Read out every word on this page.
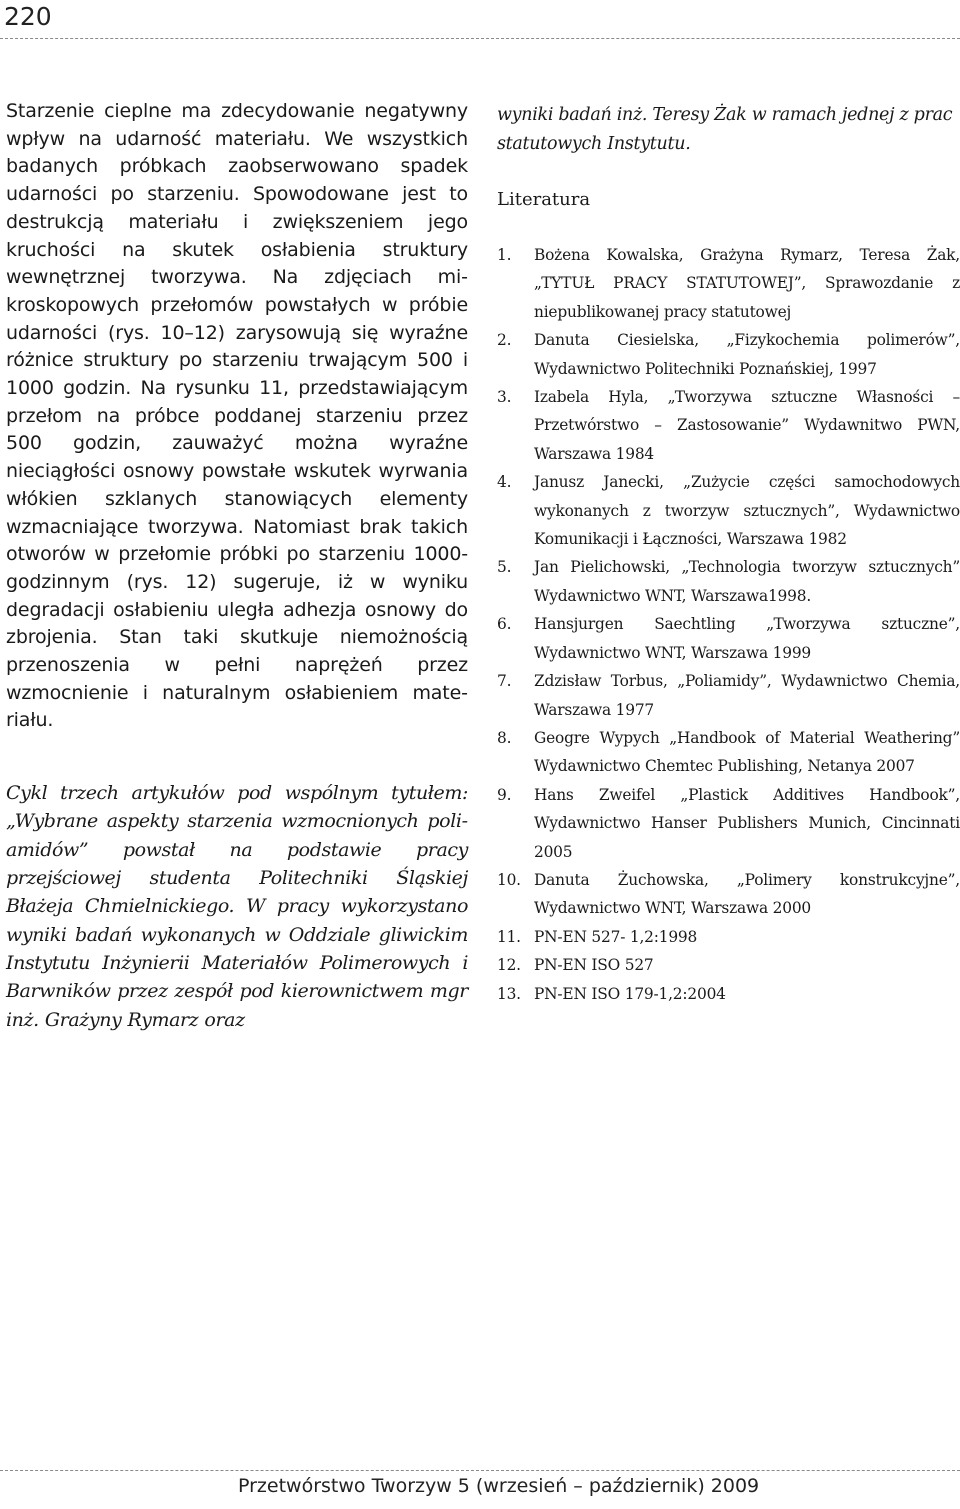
220

Starzenie cieplne ma zdecydowanie negatywny wpływ na udarność materiału. We wszystkich badanych próbkach zaobserwowano spadek udarności po starzeniu. Spowodowane jest to destrukcją materiału i zwiększeniem jego kruchości na skutek osłabienia struktury wewnętrznej tworzywa. Na zdjęciach mikroskopowych przełomów powstałych w próbie udarności (rys. 10–12) zarysowują się wyraźne różnice struktury po starzeniu trwającym 500 i 1000 godzin. Na rysunku 11, przedstawiającym przełom na próbce poddanej starzeniu przez 500 godzin, zauważyć można wyraźne nieciągłości osnowy powstałe wskutek wyrwania włókien szklanych stanowiących elementy wzmacniające tworzywa. Natomiast brak takich otworów w przełomie próbki po starzeniu 1000-godzinnym (rys. 12) sugeruje, iż w wyniku degradacji osłabieniu uległa adhezja osnowy do zbrojenia. Stan taki skutkuje niemożnością przenoszenia w pełni naprężeń przez wzmocnienie i naturalnym osłabieniem materiału.

Cykl trzech artykułów pod wspólnym tytułem: „Wybrane aspekty starzenia wzmocnionych poliamidów” powstał na podstawie pracy przejściowej studenta Politechniki Śląskiej Błażeja Chmielnickiego. W pracy wykorzystano wyniki badań wykonanych w Oddziale gliwickim Instytutu Inżynierii Materiałów Polimerowych i Barwników przez zespół pod kierownictwem mgr inż. Grażyny Rymarz oraz

wyniki badań inż. Teresy Żak w ramach jednej z prac

statutowych Instytutu.

Literatura
1.	Bożena Kowalska, Grażyna Rymarz, Teresa Żak, „TYTUŁ PRACY STATUTOWEJ”, Sprawozdanie z niepublikowanej pracy statutowej
2.	Danuta Ciesielska, „Fizykochemia polimerów”, Wydawnictwo Politechniki Poznańskiej, 1997
3.	Izabela Hyla, „Tworzywa sztuczne Własności – Przetwórstwo – Zastosowanie” Wydawnitwo PWN, Warszawa 1984
4.	Janusz Janecki, „Zużycie części samochodowych wykonanych z tworzyw sztucznych”, Wydawnictwo Komunikacji i Łączności, Warszawa 1982
5.	Jan Pielichowski, „Technologia tworzyw sztucznych” Wydawnictwo WNT, Warszawa1998.
6.	Hansjurgen Saechtling „Tworzywa sztuczne”, Wydawnictwo WNT, Warszawa 1999
7.	Zdzisław Torbus, „Poliamidy”, Wydawnictwo Chemia, Warszawa 1977
8.	Geogre Wypych „Handbook of Material Weathering” Wydawnictwo Chemtec Publishing, Netanya 2007
9.	Hans Zweifel „Plastick Additives Handbook”, Wydawnictwo Hanser Publishers Munich, Cincinnati 2005
10. Danuta Żuchowska, „Polimery konstrukcyjne”, Wydawnictwo WNT, Warszawa 2000
11. PN-EN 527- 1,2:1998
12. PN-EN ISO 527
13. PN-EN ISO 179-1,2:2004
Przetwórstwo Tworzyw 5 (wrzesień – październik) 2009
